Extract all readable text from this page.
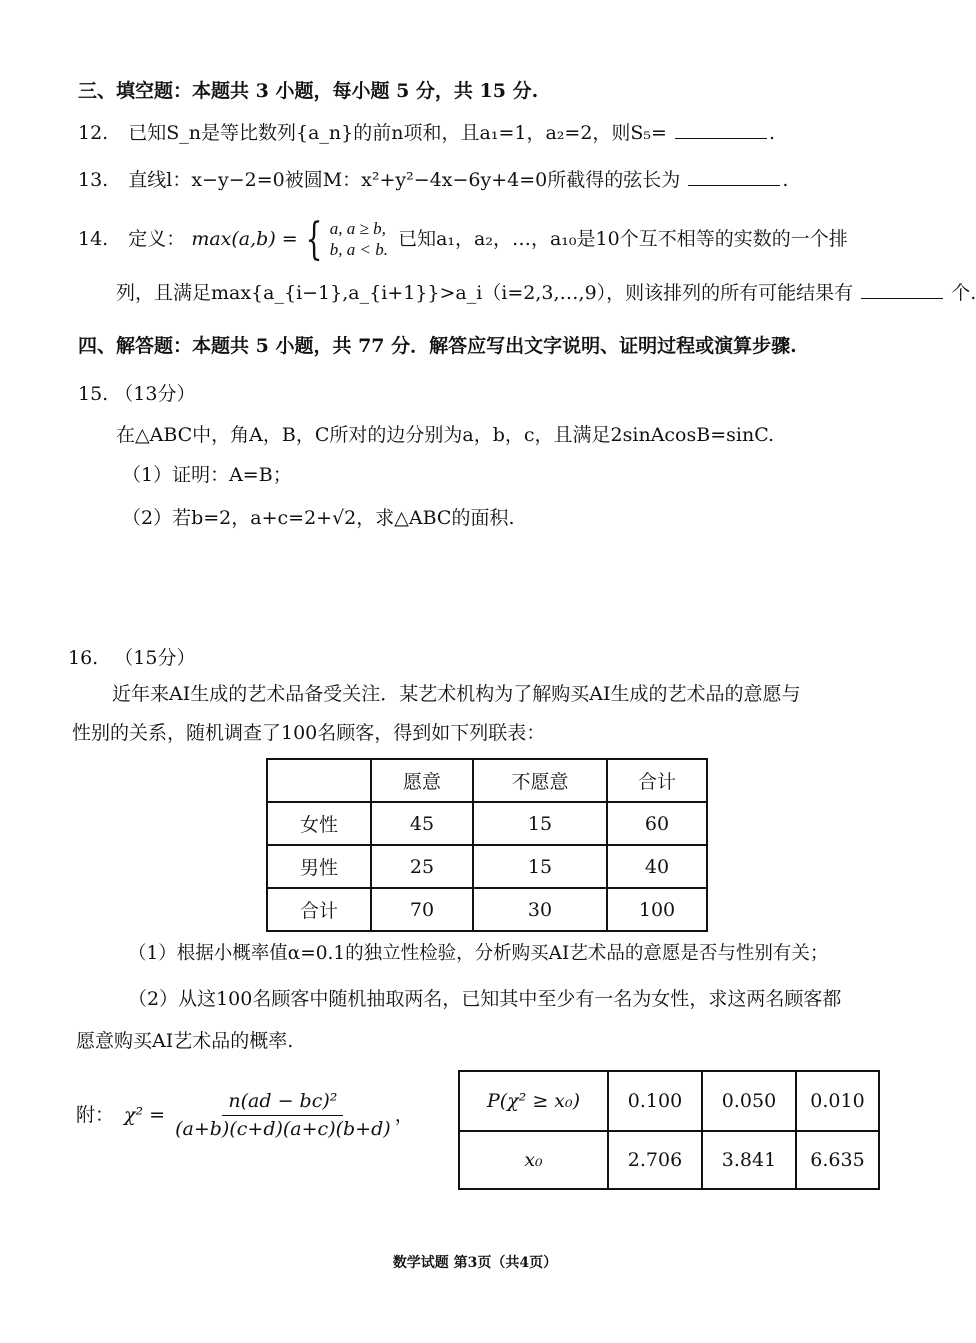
三、填空题：本题共 3 小题，每小题 5 分，共 15 分.
12. 已知S_n是等比数列{a_n}的前n项和，且a₁=1，a₂=2，则S₅=	.
13. 直线l：x−y−2=0被圆M：x²+y²−4x−6y+4=0所截得的弦长为	.
14. 定义： max(a,b) = { a, a ≥ b,
b, a < b. 已知a₁，a₂，…，a₁₀是10个互不相等的实数的一个排
列，且满足max{a_{i−1},a_{i+1}}>a_i（i=2,3,…,9），则该排列的所有可能结果有	个.
四、解答题：本题共 5 小题，共 77 分．解答应写出文字说明、证明过程或演算步骤.
15. （13分）
在△ABC中，角A，B，C所对的边分别为a，b，c，且满足2sinAcosB=sinC.
（1）证明：A=B；
（2）若b=2，a+c=2+√2，求△ABC的面积.
16. （15分）
近年来AI生成的艺术品备受关注．某艺术机构为了解购买AI生成的艺术品的意愿与
性别的关系，随机调查了100名顾客，得到如下列联表：
	愿意	不愿意	合计
女性	45	15	60
男性	25	15	40
合计	70	30	100
（1）根据小概率值α=0.1的独立性检验，分析购买AI艺术品的意愿是否与性别有关；
（2）从这100名顾客中随机抽取两名，已知其中至少有一名为女性，求这两名顾客都
愿意购买AI艺术品的概率.
附： $\chi^2 = \frac{\text{n(ad − bc)²}}{(a+b)(c+d)(a+c)(b+d)}$ ，
P(χ² ≥ x₀)	0.100	0.050	0.010
x₀	2.706	3.841	6.635
数学试题 第3页（共4页）
